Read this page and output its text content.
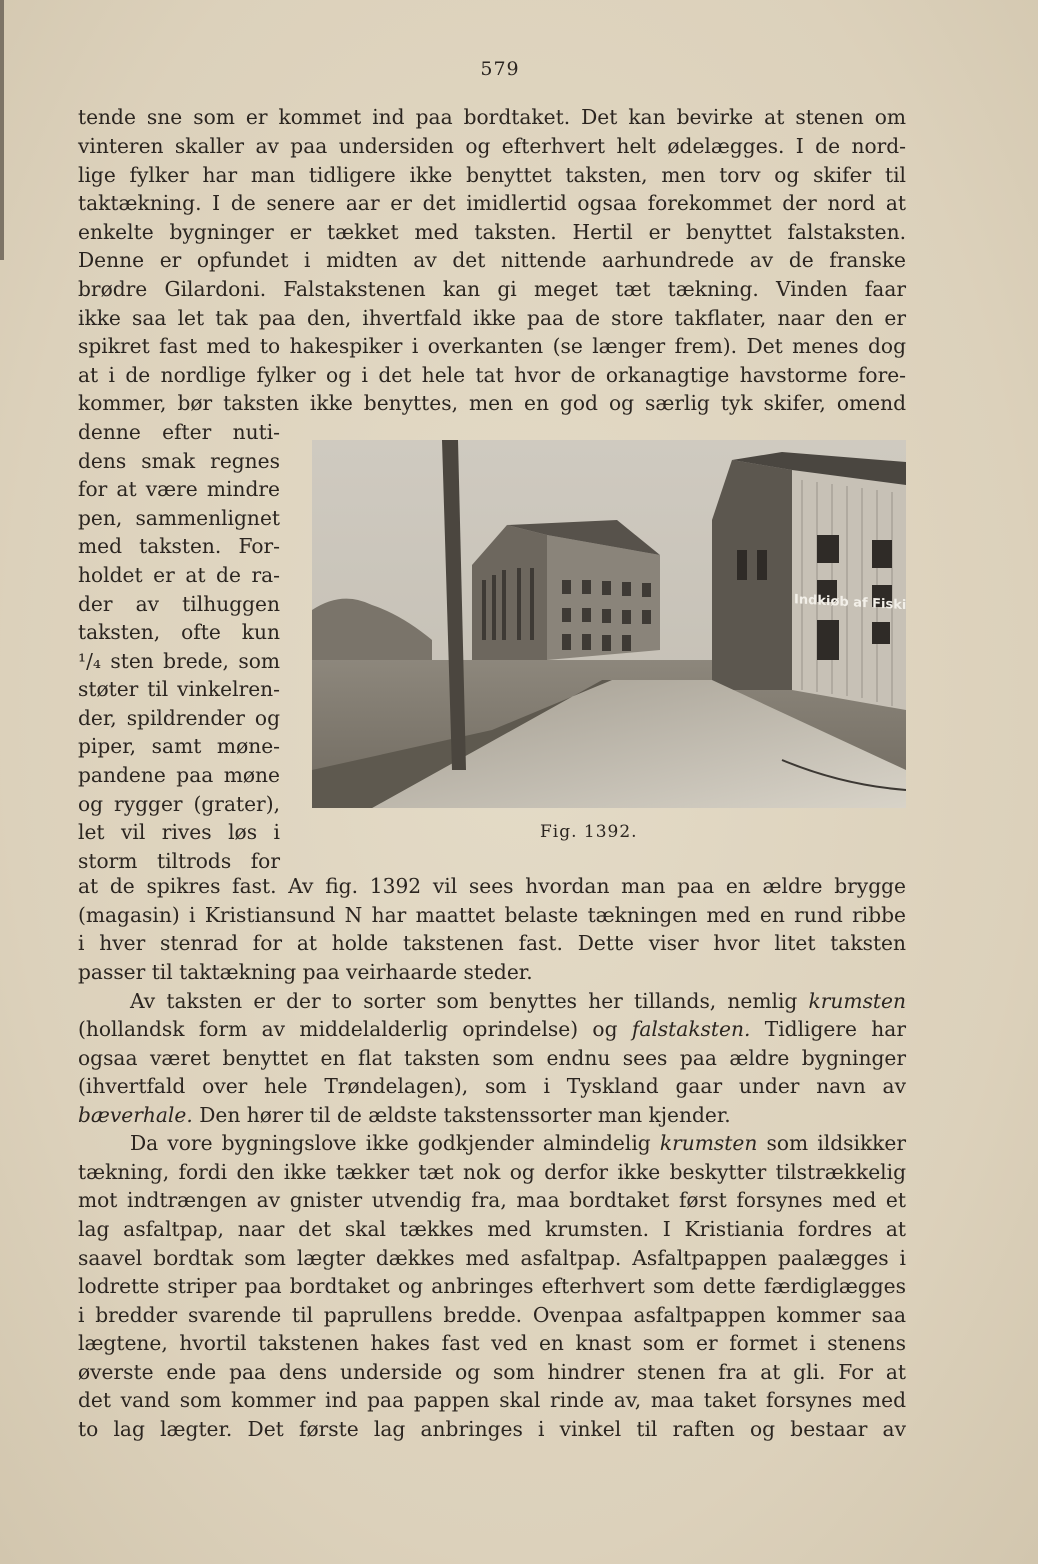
579
tende sne som er kommet ind paa bordtaket. Det kan bevirke at stenen om
vinteren skaller av paa undersiden og efterhvert helt ødelægges. I de nord-
lige fylker har man tidligere ikke benyttet taksten, men torv og skifer til
taktækning. I de senere aar er det imidlertid ogsaa forekommet der nord at
enkelte bygninger er tækket med taksten. Hertil er benyttet falstaksten.
Denne er opfundet i midten av det nittende aarhundrede av de franske
brødre Gilardoni. Falstakstenen kan gi meget tæt tækning. Vinden faar
ikke saa let tak paa den, ihvertfald ikke paa de store takflater, naar den er
spikret fast med to hakespiker i overkanten (se længer frem). Det menes dog
at i de nordlige fylker og i det hele tat hvor de orkanagtige havstorme fore-
kommer, bør taksten ikke benyttes, men en god og særlig tyk skifer, omend
denne efter nuti-
dens smak regnes
for at være mindre
pen, sammenlignet
med taksten. For-
holdet er at de ra-
der av tilhuggen
taksten, ofte kun
¹/₄ sten brede, som
støter til vinkelren-
der, spildrender og
piper, samt møne-
pandene paa møne
og rygger (grater),
let vil rives løs i
storm tiltrods for
Indkiøb af Fiski
Fig. 1392.
at de spikres fast. Av fig. 1392 vil sees hvordan man paa en ældre brygge
(magasin) i Kristiansund N har maattet belaste tækningen med en rund ribbe
i hver stenrad for at holde takstenen fast. Dette viser hvor litet taksten
passer til taktækning paa veirhaarde steder.
Av taksten er der to sorter som benyttes her tillands, nemlig krumsten
(hollandsk form av middelalderlig oprindelse) og falstaksten. Tidligere har
ogsaa været benyttet en flat taksten som endnu sees paa ældre bygninger
(ihvertfald over hele Trøndelagen), som i Tyskland gaar under navn av
bæverhale. Den hører til de ældste takstenssorter man kjender.
Da vore bygningslove ikke godkjender almindelig krumsten som ildsikker
tækning, fordi den ikke tækker tæt nok og derfor ikke beskytter tilstrækkelig
mot indtrængen av gnister utvendig fra, maa bordtaket først forsynes med et
lag asfaltpap, naar det skal tækkes med krumsten. I Kristiania fordres at
saavel bordtak som lægter dækkes med asfaltpap. Asfaltpappen paalægges i
lodrette striper paa bordtaket og anbringes efterhvert som dette færdiglægges
i bredder svarende til paprullens bredde. Ovenpaa asfaltpappen kommer saa
lægtene, hvortil takstenen hakes fast ved en knast som er formet i stenens
øverste ende paa dens underside og som hindrer stenen fra at gli. For at
det vand som kommer ind paa pappen skal rinde av, maa taket forsynes med
to lag lægter. Det første lag anbringes i vinkel til raften og bestaar av
